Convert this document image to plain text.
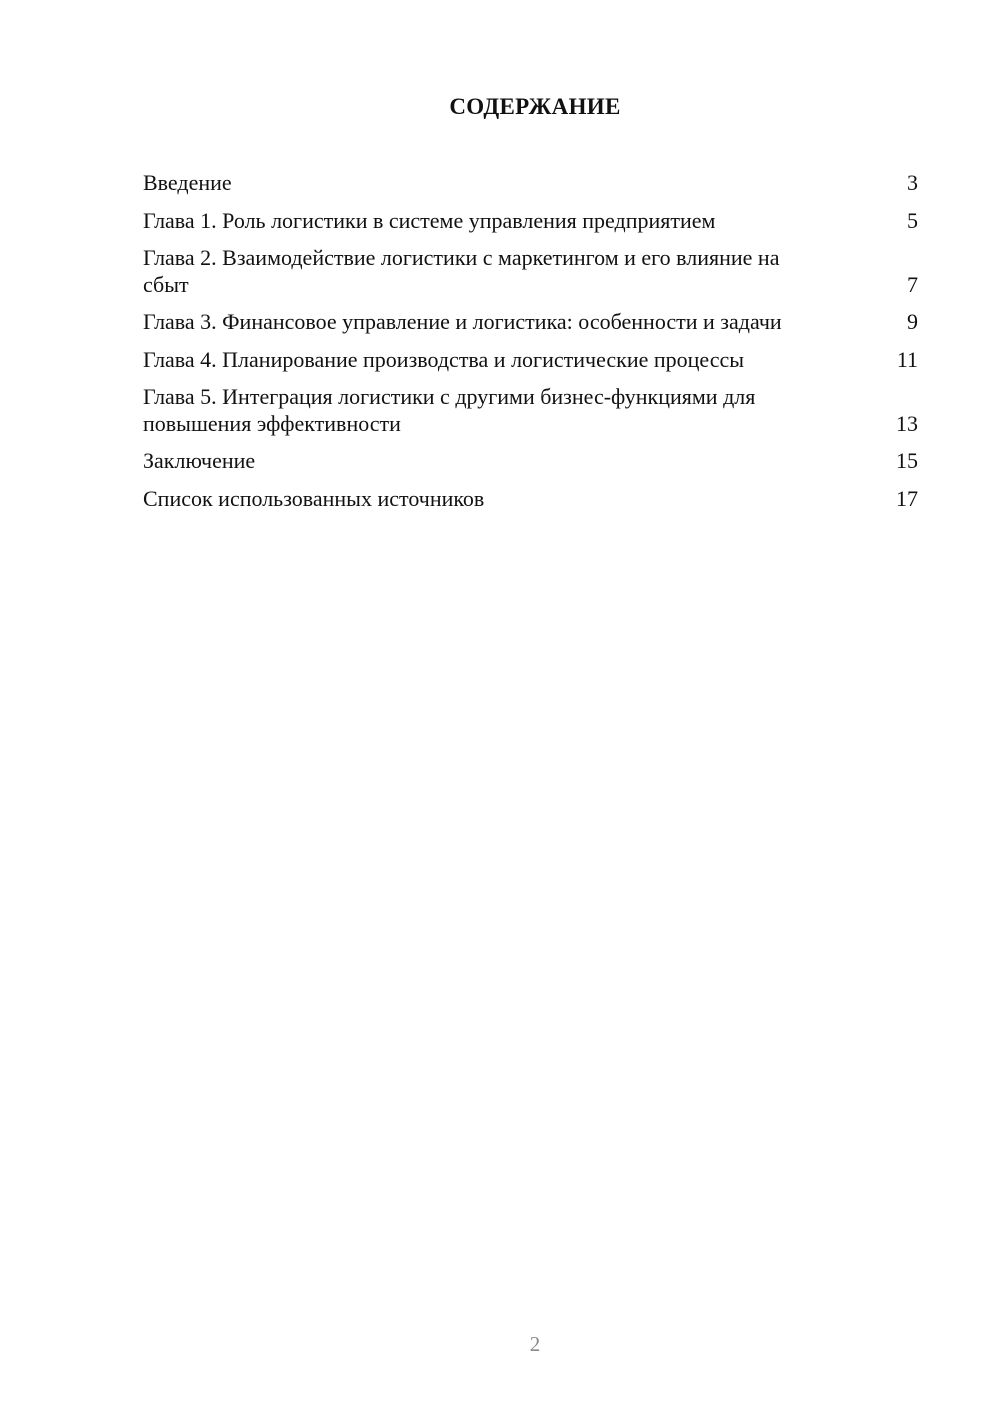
СОДЕРЖАНИЕ
Введение	3
Глава 1. Роль логистики в системе управления предприятием	5
Глава 2. Взаимодействие логистики с маркетингом и его влияние на сбыт	7
Глава 3. Финансовое управление и логистика: особенности и задачи	9
Глава 4. Планирование производства и логистические процессы	11
Глава 5. Интеграция логистики с другими бизнес-функциями для повышения эффективности	13
Заключение	15
Список использованных источников	17
2
